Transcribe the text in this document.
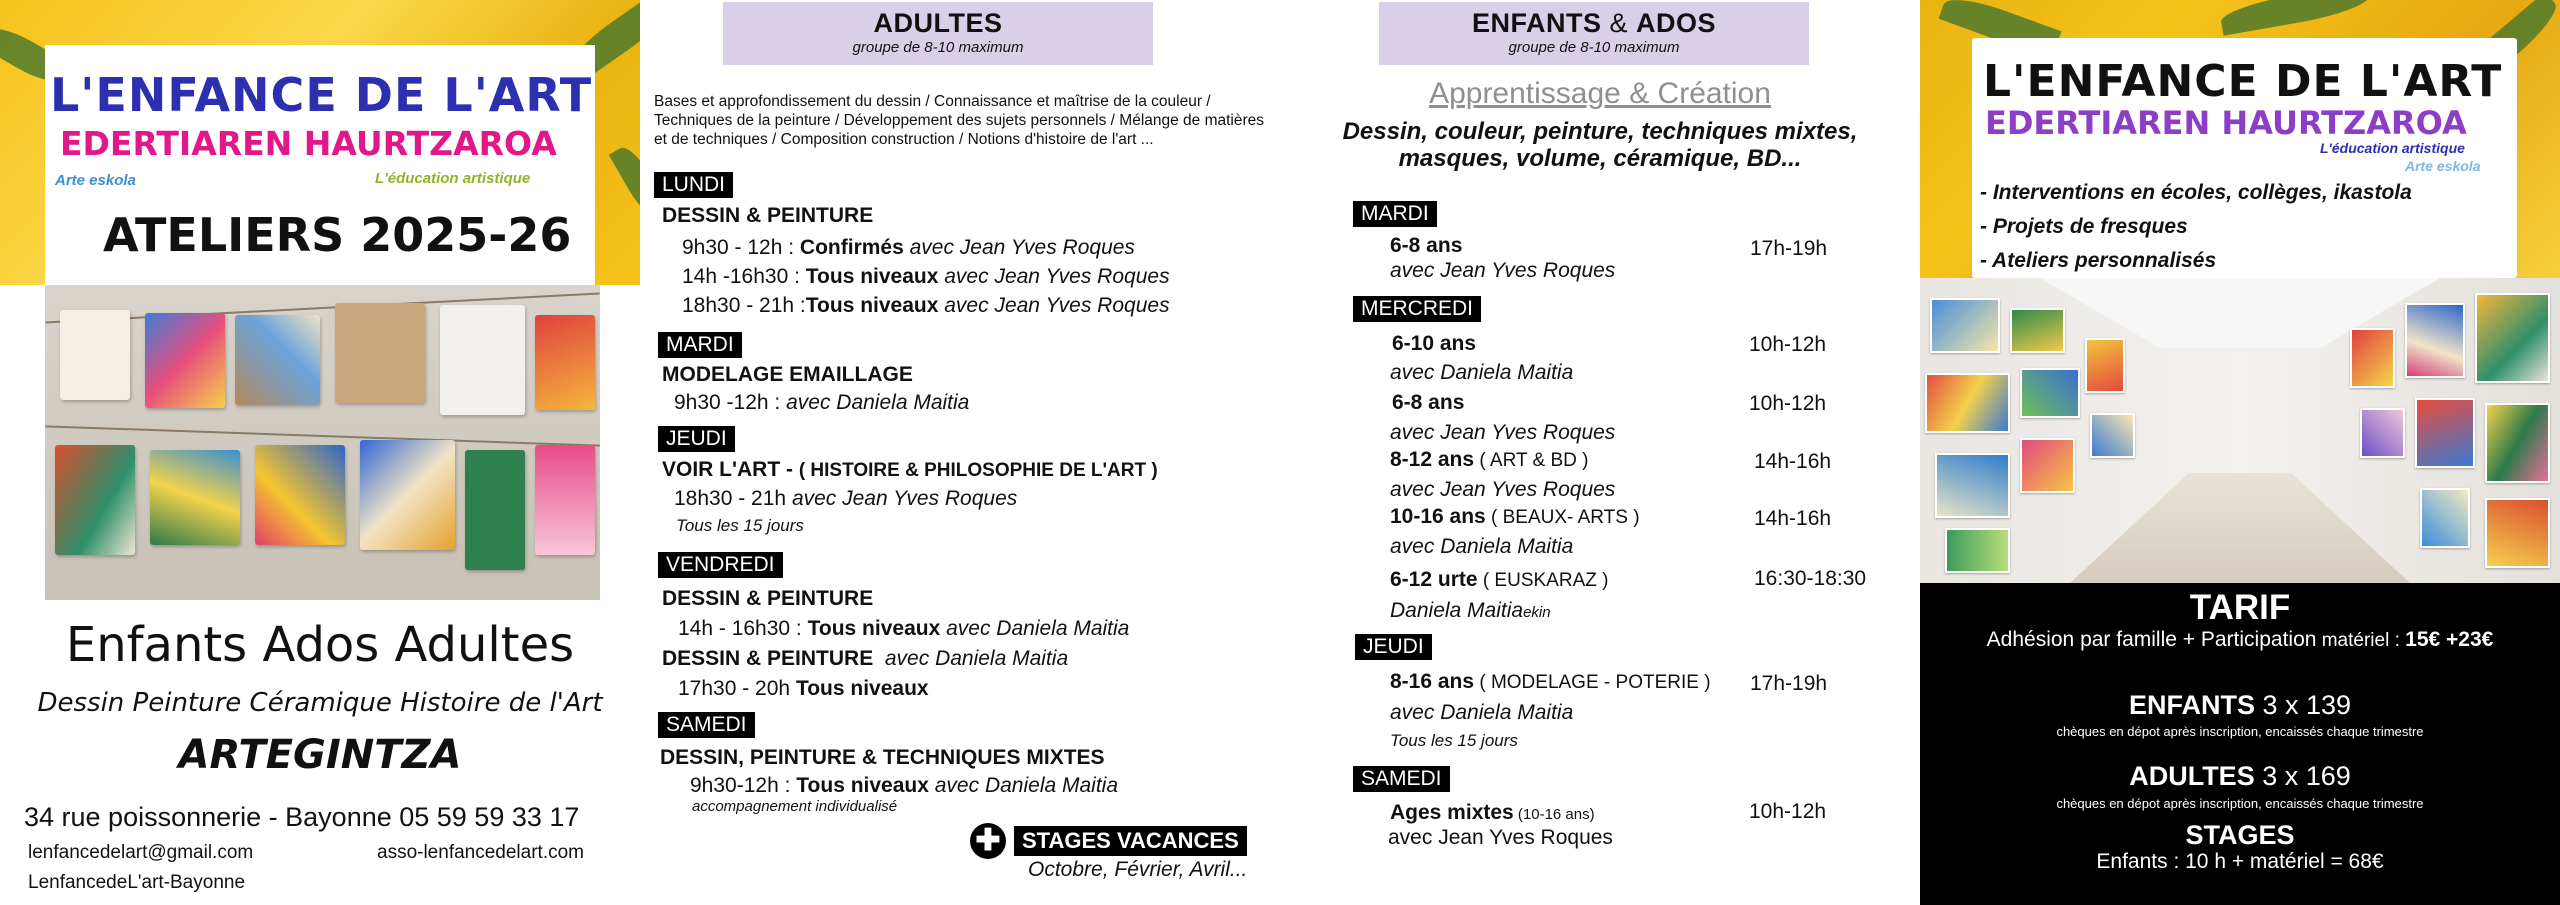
L'ENFANCE DE L'ART
EDERTIAREN HAURTZAROA
Arte eskola	L'éducation artistique
ATELIERS 2025-26
Enfants Ados Adultes
Dessin Peinture Céramique Histoire de l'Art
ARTEGINTZA
34 rue poissonnerie - Bayonne 05 59 59 33 17
lenfancedelart@gmail.com	asso-lenfancedelart.com
LenfancedeL'art-Bayonne
ADULTES
groupe de 8-10 maximum
Bases et approfondissement du dessin / Connaissance et maîtrise de la couleur / Techniques de la peinture / Développement des sujets personnels / Mélange de matières et de techniques / Composition construction / Notions d'histoire de l'art ...
LUNDI
DESSIN & PEINTURE
9h30 - 12h : Confirmés avec Jean Yves Roques
14h -16h30 : Tous niveaux avec Jean Yves Roques
18h30 - 21h :Tous niveaux avec Jean Yves Roques
MARDI
MODELAGE EMAILLAGE
9h30 -12h : avec Daniela Maitia
JEUDI
VOIR L'ART - ( HISTOIRE & PHILOSOPHIE DE L'ART )
18h30 - 21h avec Jean Yves Roques
Tous les 15 jours
VENDREDI
DESSIN & PEINTURE
14h - 16h30 : Tous niveaux avec Daniela Maitia
DESSIN & PEINTURE avec Daniela Maitia
17h30 - 20h Tous niveaux
SAMEDI
DESSIN, PEINTURE & TECHNIQUES MIXTES
9h30-12h : Tous niveaux avec Daniela Maitia
accompagnement individualisé
✚ STAGES VACANCES
Octobre, Février, Avril...
ENFANTS & ADOS
groupe de 8-10 maximum
Apprentissage & Création
Dessin, couleur, peinture, techniques mixtes,
masques, volume, céramique, BD...
MARDI
6-8 ans
avec Jean Yves Roques
17h-19h
MERCREDI
6-10 ans	10h-12h
avec Daniela Maitia
6-8 ans	10h-12h
avec Jean Yves Roques
8-12 ans ( ART & BD )	14h-16h
avec Jean Yves Roques
10-16 ans ( BEAUX- ARTS )	14h-16h
avec Daniela Maitia
6-12 urte ( EUSKARAZ )	16:30-18:30
Daniela Maitiaekin
JEUDI
8-16 ans ( MODELAGE - POTERIE ) 17h-19h
avec Daniela Maitia
Tous les 15 jours
SAMEDI
Ages mixtes (10-16 ans)	10h-12h
avec Jean Yves Roques
L'ENFANCE DE L'ART
EDERTIAREN HAURTZAROA
L'éducation artistique
Arte eskola
- Interventions en écoles, collèges, ikastola
- Projets de fresques
- Ateliers personnalisés
TARIF
Adhésion par famille + Participation matériel : 15€ +23€
ENFANTS 3 x 139
chèques en dépot après inscription, encaissés chaque trimestre
ADULTES 3 x 169
chèques en dépot après inscription, encaissés chaque trimestre
STAGES
Enfants : 10 h + matériel = 68€
